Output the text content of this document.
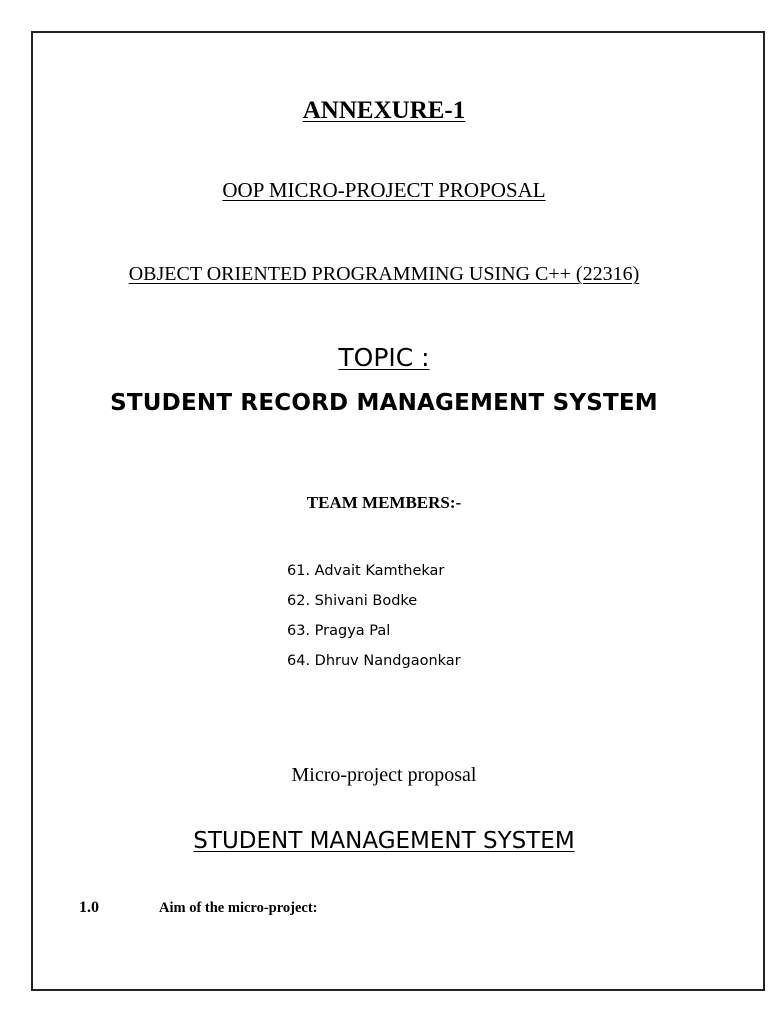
ANNEXURE-1
OOP MICRO-PROJECT PROPOSAL
OBJECT ORIENTED PROGRAMMING USING C++ (22316)
TOPIC :
STUDENT RECORD MANAGEMENT SYSTEM
TEAM MEMBERS:-
61. Advait Kamthekar
62. Shivani Bodke
63. Pragya Pal
64. Dhruv Nandgaonkar
Micro-project proposal
STUDENT MANAGEMENT SYSTEM
1.0	Aim of the micro-project:
